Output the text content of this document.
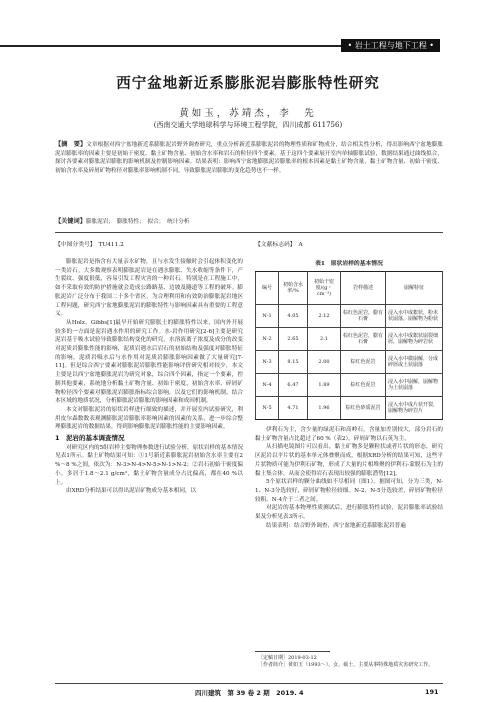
• 岩土工程与地下工程 •
西宁盆地新近系膨胀泥岩膨胀特性研究
黄如玉，苏靖杰，李　先
(西南交通大学地球科学与环境工程学院，四川成都 611756)
【摘　要】文章根据对西宁盆地新近系膨胀泥岩野外调查研究，重点分析新近系膨胀泥岩的物理性质和矿物成分，结合相关性分析，得出影响西宁盆地膨胀泥岩膨胀率的因素主要是初始干密度、黏土矿物含量、初始含水率和岩石的粒径四个要素。基于这四个要素展开室内单轴膨胀试验，数据结果通过曲线拟合，探讨各要素对膨胀泥岩膨胀的影响机制及控制影响因素。结果表明：影响西宁盆地膨胀泥岩膨胀率的根本因素是黏土矿物含量，黏土矿物含量、初始干密度、初始含水率及碎屑矿物粒径对膨胀率影响机制不同，导致膨胀泥岩膨胀的变化趋势也不一样。
【关键词】膨胀泥岩；　膨胀特性；　拟合；　统计分析
【中图分类号】　TU411.2	【文献标志码】　A

膨胀泥岩是指含有大量亲水矿物，且与水发生接触时会引起体积变化的一类岩石。大多数观察表明膨胀泥岩是在遇水膨胀、失水收缩等条件下，产生裂纹、强度很低，容易引发工程灾害的一种岩石。特别是在工程施工中，如不采取有效的防护措施就会造成公路路基、边坡及隧道等工程的破坏。膨胀泥岩广泛分布于我国二十多个省区，为合理利用和有效防治膨胀泥岩地区工程问题，研究西宁盆地膨胀泥岩的膨胀特性与影响因素具有重要的工程意义。

从Holz、Gibbs[1]最早开始研究膨胀土的膨胀特性以来，国内外开展较多的一方面是泥岩遇水作用的研究工作。水-岩作用研究[2-6]主要是研究泥岩基于吸水试验导致膨胀结构变化的研究，水溶液离子浓度及成分的改变对泥质岩膨胀性能的影响，泥质岩遇水后岩石的初始结构及强度对膨胀特征的影响，泥质岩吸水后与水作用对泥质岩膨胀影响因素做了大量研究[7-11]。但是综合西宁要素对膨胀泥岩膨胀性能影响评价研究相对较少，本文主要是以西宁盆地膨胀泥岩为研究对象，综合四个因素，指定一个要素，控制其他要素，系统地分析黏土矿物含量、初始干密度、初始含水率、碎屑矿物粒径四个要素对膨胀泥岩膨胀指标综合影响，以及它们的影响机制。结合本区域的地质状况，分析膨胀泥岩膨胀的影响因素和成因机制。

本文对膨胀泥岩的原状岩样进行细致的描述，并开展室内试验研究，利用皮尔森数数表观测膨胀泥岩膨胀率影响因素的因素的关系，进一步综合整理膨胀泥岩的数据结果，得到影响膨胀泥岩膨胀性能的主要影响因素。

1　泥岩的基本调查情况

对研究区内的5组岩样主要物理参数进行试验分析，原状岩样的基本情况见表1所示。黏土矿物结果可知：①1号新近系膨胀泥岩初始含水率主要在2 %～8 %之间，依次为：N-3>N-4>N-5>N-1>N-2；②岩石初始干密度偏小，多居于1.8～2.1 g/cm³，黏土矿物含量成分占比偏高，都在40 %以上。

由XRD分析结果可以得出泥岩矿物成分基本相同，以

表1　原状岩样的基本情况
编号	初始含水率/%	初始干密度/(g・cm⁻³)	岩样描述	崩解特征
N-1	4.05	2.12	棕红色泥岩，膨有石膏	浸入水中成絮状，粉末状崩落，崩解物为粉状
N-2	2.65	2.1	棕红色泥岩，膨有石膏	浸入水中成絮状崩裂细屑，崩解物为碎岩状
N-3	8.15	2.00	棕红色泥岩	浸入水中微崩解，分成碎屑或土状崩落
N-4	6.47	1.89	棕红色泥岩	浸入水中崩解，崩解物为土状崩落
N-5	4.71	1.96	棕红色砂质泥岩	浸入水中成片状开裂，崩解物为碎岩片

伊利石为主，含少量的绿泥石和高岭石，含量加差别较大，部分岩石的黏土矿物含量占比超过了60 %（表2）。碎屑矿物以石英为主。

从扫描电镜图片可以看出，黏土矿物多是颗粒状或者片状的形态。研究区泥岩以平片状的基本单元体叠聚而成，根据XRD分析的结果可知，这些平片状物质可能为伊利石矿物，形成了大量的片相堆聚的伊利石-蒙脱石为主的黏土集合体，从而会使得岩石表现出较强的膨胀潜势[12]。

5个原状岩样的颗分曲线如不尽相同（图1）。据图可知，分为三类，N-1、N-3分选较好，碎屑矿物粒径较细。N-2、N-5分选较差，碎屑矿物粒径较粗。N-4介于二者之间。

对泥岩的基本物理性质测试后，进行膨胀特性试验，泥岩膨胀率试验结果及分析见表3所示。

结果表明：结合野外调查，西宁盆地新近系膨胀泥岩普遍

［定稿日期］2019-03-12
［作者简介］黄如玉（1993～），女，硕士，主要从事特殊地质灾害研究工作。
四川建筑　第 39 卷 2 期　2019. 4	191
